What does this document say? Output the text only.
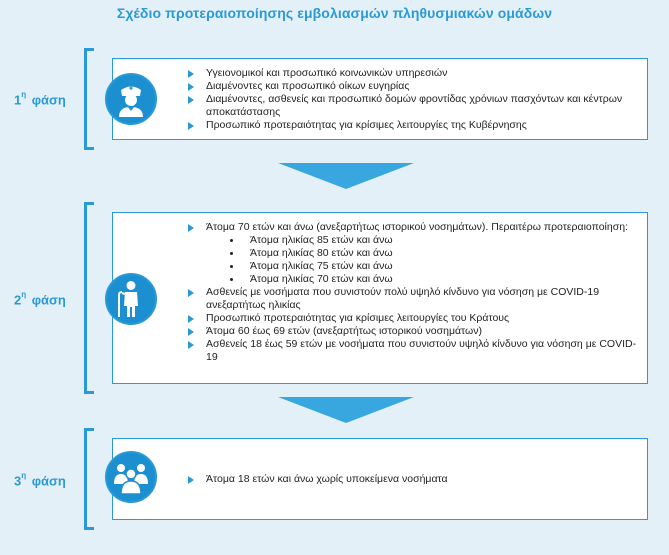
Σχέδιο προτεραιοποίησης εμβολιασμών πληθυσμιακών ομάδων
$1^\eta$ φάση
Υγειονομικοί και προσωπικό κοινωνικών υπηρεσιών
Διαμένοντες και προσωπικό οίκων ευγηρίας
Διαμένοντες, ασθενείς και προσωπικό δομών φροντίδας χρόνιων πασχόντων και κέντρων αποκατάστασης
Προσωπικό προτεραιότητας για κρίσιμες λειτουργίες της Κυβέρνησης
$2^\eta$ φάση
Άτομα 70 ετών και άνω (ανεξαρτήτως ιστορικού νοσημάτων). Περαιτέρω προτεραιοποίηση:
Άτομα ηλικίας 85 ετών και άνω
Άτομα ηλικίας 80 ετών και άνω
Άτομα ηλικίας 75 ετών και άνω
Άτομα ηλικίας 70 ετών και άνω
Ασθενείς με νοσήματα που συνιστούν πολύ υψηλό κίνδυνο για νόσηση με COVID-19 ανεξαρτήτως ηλικίας
Προσωπικό προτεραιότητας για κρίσιμες λειτουργίες του Κράτους
Άτομα 60 έως 69 ετών (ανεξαρτήτως ιστορικού νοσημάτων)
Ασθενείς 18 έως 59 ετών με νοσήματα που συνιστούν υψηλό κίνδυνο για νόσηση με COVID-19
$3^\eta$ φάση	Άτομα 18 ετών και άνω χωρίς υποκείμενα νοσήματα
